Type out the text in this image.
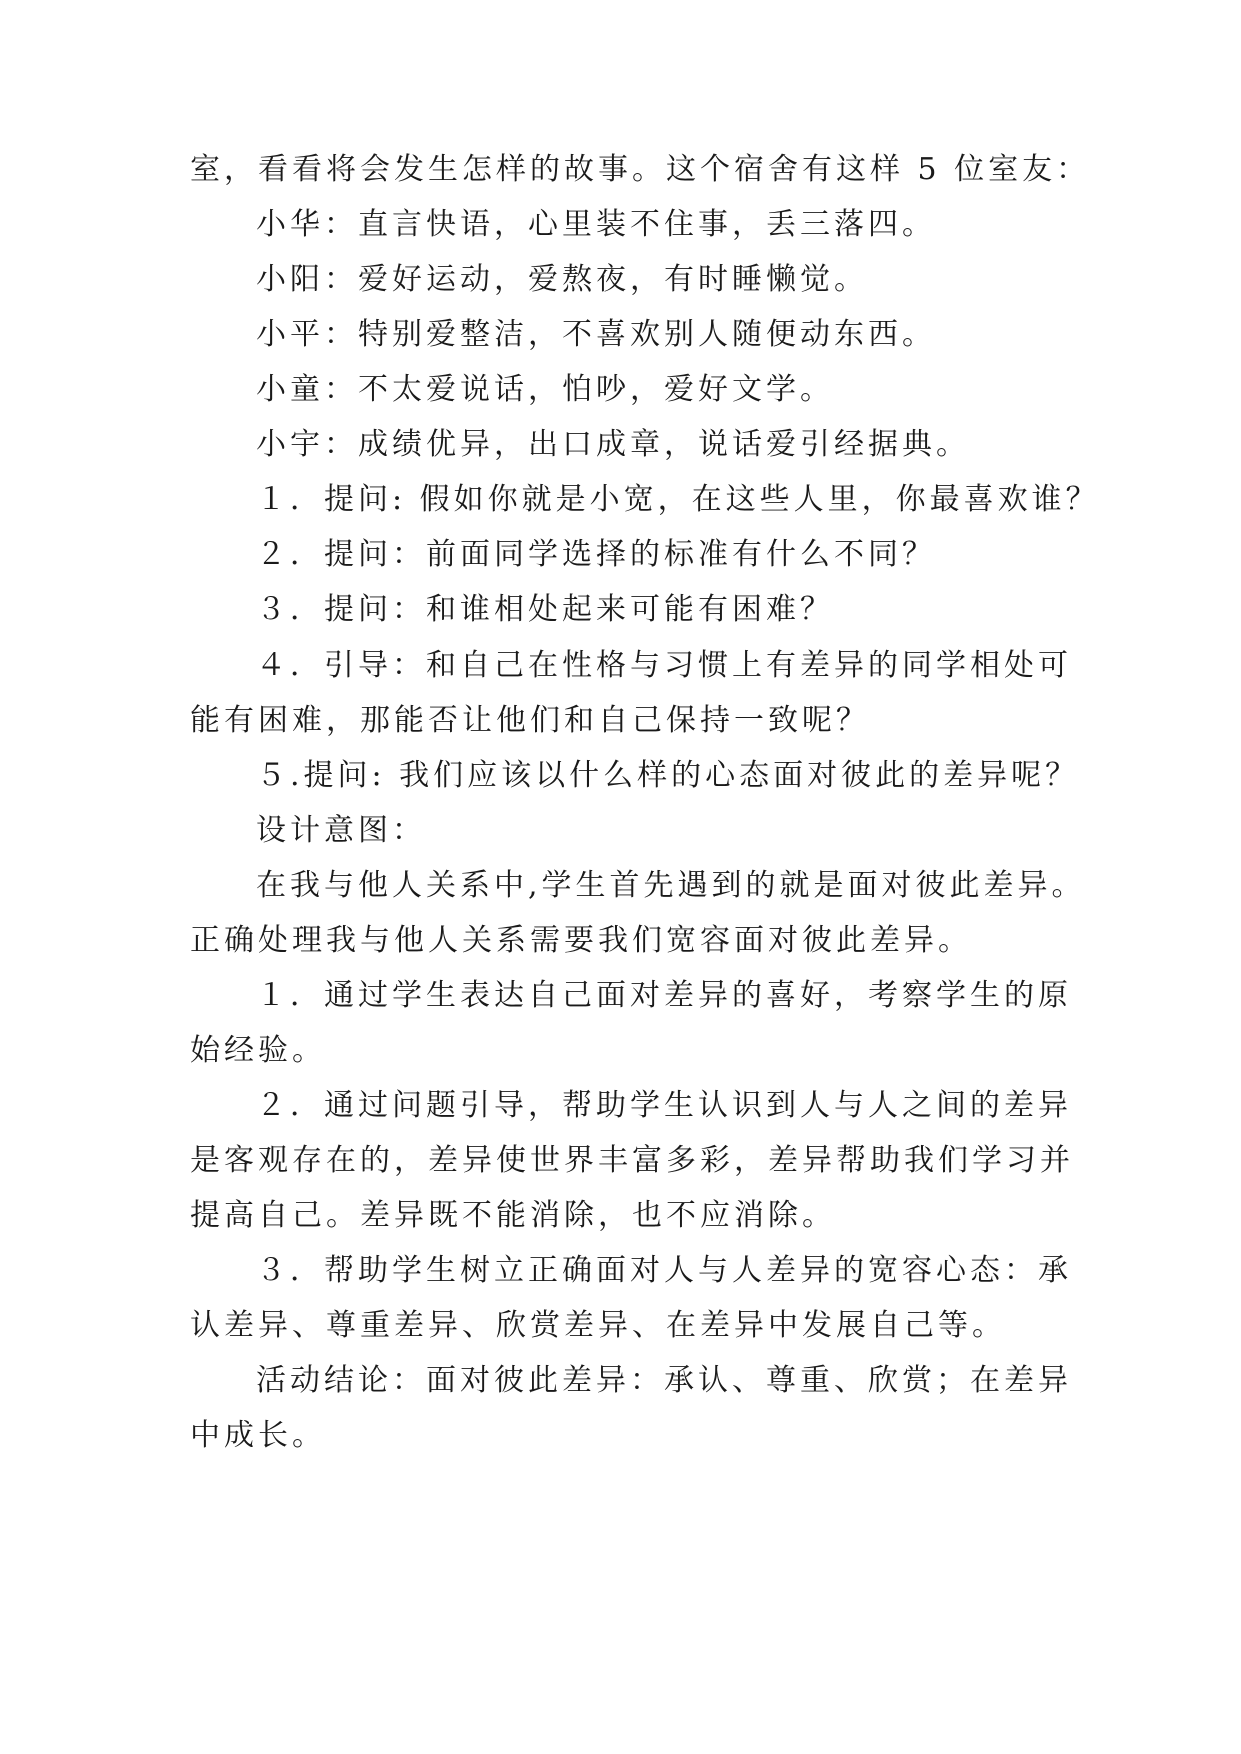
室，看看将会发生怎样的故事。这个宿舍有这样 5 位室友：
小华：直言快语，心里装不住事，丢三落四。
小阳：爱好运动，爱熬夜，有时睡懒觉。
小平：特别爱整洁，不喜欢别人随便动东西。
小童：不太爱说话，怕吵，爱好文学。
小宇：成绩优异，出口成章，说话爱引经据典。
１．提问: 假如你就是小宽，在这些人里，你最喜欢谁？
２．提问：前面同学选择的标准有什么不同？
３．提问：和谁相处起来可能有困难？
４．引导：和自己在性格与习惯上有差异的同学相处可
能有困难，那能否让他们和自己保持一致呢？
５.提问: 我们应该以什么样的心态面对彼此的差异呢？
设计意图：
在我与他人关系中,学生首先遇到的就是面对彼此差异。
正确处理我与他人关系需要我们宽容面对彼此差异。
１．通过学生表达自己面对差异的喜好，考察学生的原
始经验。
２．通过问题引导，帮助学生认识到人与人之间的差异
是客观存在的，差异使世界丰富多彩，差异帮助我们学习并
提高自己。差异既不能消除，也不应消除。
３．帮助学生树立正确面对人与人差异的宽容心态：承
认差异、尊重差异、欣赏差异、在差异中发展自己等。
活动结论：面对彼此差异：承认、尊重、欣赏；在差异
中成长。
